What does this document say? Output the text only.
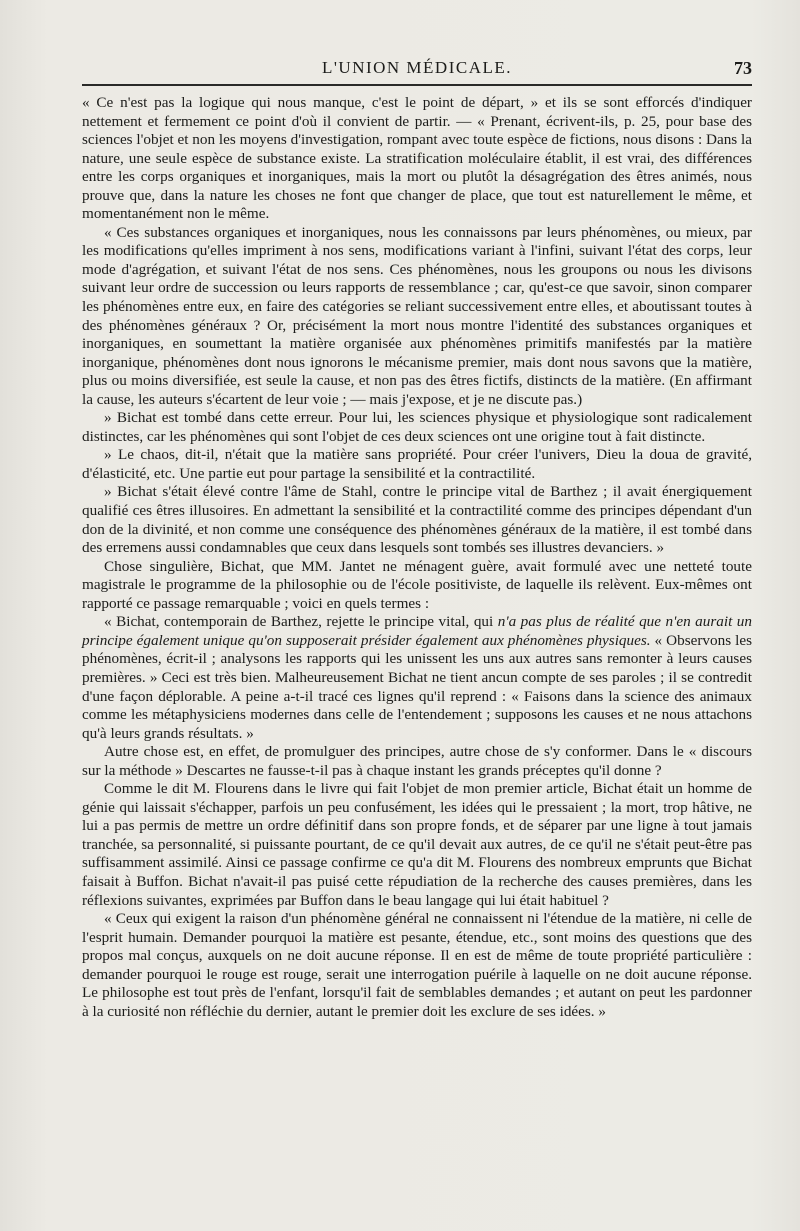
L'UNION MÉDICALE.	73

« Ce n'est pas la logique qui nous manque, c'est le point de départ, » et ils se sont efforcés d'indiquer nettement et fermement ce point d'où il convient de partir. — « Prenant, écrivent-ils, p. 25, pour base des sciences l'objet et non les moyens d'investigation, rompant avec toute espèce de fictions, nous disons : Dans la nature, une seule espèce de substance existe. La stratification moléculaire établit, il est vrai, des différences entre les corps organiques et inorganiques, mais la mort ou plutôt la désagrégation des êtres animés, nous prouve que, dans la nature les choses ne font que changer de place, que tout est naturellement le même, et momentanément non le même.

« Ces substances organiques et inorganiques, nous les connaissons par leurs phénomènes, ou mieux, par les modifications qu'elles impriment à nos sens, modifications variant à l'infini, suivant l'état des corps, leur mode d'agrégation, et suivant l'état de nos sens. Ces phénomènes, nous les groupons ou nous les divisons suivant leur ordre de succession ou leurs rapports de ressemblance ; car, qu'est-ce que savoir, sinon comparer les phénomènes entre eux, en faire des catégories se reliant successivement entre elles, et aboutissant toutes à des phénomènes généraux ? Or, précisément la mort nous montre l'identité des substances organiques et inorganiques, en soumettant la matière organisée aux phénomènes primitifs manifestés par la matière inorganique, phénomènes dont nous ignorons le mécanisme premier, mais dont nous savons que la matière, plus ou moins diversifiée, est seule la cause, et non pas des êtres fictifs, distincts de la matière. (En affirmant la cause, les auteurs s'écartent de leur voie ; — mais j'expose, et je ne discute pas.)

» Bichat est tombé dans cette erreur. Pour lui, les sciences physique et physiologique sont radicalement distinctes, car les phénomènes qui sont l'objet de ces deux sciences ont une origine tout à fait distincte.

» Le chaos, dit-il, n'était que la matière sans propriété. Pour créer l'univers, Dieu la doua de gravité, d'élasticité, etc. Une partie eut pour partage la sensibilité et la contractilité.

» Bichat s'était élevé contre l'âme de Stahl, contre le principe vital de Barthez ; il avait énergiquement qualifié ces êtres illusoires. En admettant la sensibilité et la contractilité comme des principes dépendant d'un don de la divinité, et non comme une conséquence des phénomènes généraux de la matière, il est tombé dans des erremens aussi condamnables que ceux dans lesquels sont tombés ses illustres devanciers. »

Chose singulière, Bichat, que MM. Jantet ne ménagent guère, avait formulé avec une netteté toute magistrale le programme de la philosophie ou de l'école positiviste, de laquelle ils relèvent. Eux-mêmes ont rapporté ce passage remarquable ; voici en quels termes :

« Bichat, contemporain de Barthez, rejette le principe vital, qui n'a pas plus de réalité que n'en aurait un principe également unique qu'on supposerait présider également aux phénomènes physiques. « Observons les phénomènes, écrit-il ; analysons les rapports qui les unissent les uns aux autres sans remonter à leurs causes premières. » Ceci est très bien. Malheureusement Bichat ne tient ancun compte de ses paroles ; il se contredit d'une façon déplorable. A peine a-t-il tracé ces lignes qu'il reprend : « Faisons dans la science des animaux comme les métaphysiciens modernes dans celle de l'entendement ; supposons les causes et ne nous attachons qu'à leurs grands résultats. »

Autre chose est, en effet, de promulguer des principes, autre chose de s'y conformer. Dans le « discours sur la méthode » Descartes ne fausse-t-il pas à chaque instant les grands préceptes qu'il donne ?

Comme le dit M. Flourens dans le livre qui fait l'objet de mon premier article, Bichat était un homme de génie qui laissait s'échapper, parfois un peu confusément, les idées qui le pressaient ; la mort, trop hâtive, ne lui a pas permis de mettre un ordre définitif dans son propre fonds, et de séparer par une ligne à tout jamais tranchée, sa personnalité, si puissante pourtant, de ce qu'il devait aux autres, de ce qu'il ne s'était peut-être pas suffisamment assimilé. Ainsi ce passage confirme ce qu'a dit M. Flourens des nombreux emprunts que Bichat faisait à Buffon. Bichat n'avait-il pas puisé cette répudiation de la recherche des causes premières, dans les réflexions suivantes, exprimées par Buffon dans le beau langage qui lui était habituel ?

« Ceux qui exigent la raison d'un phénomène général ne connaissent ni l'étendue de la matière, ni celle de l'esprit humain. Demander pourquoi la matière est pesante, étendue, etc., sont moins des questions que des propos mal conçus, auxquels on ne doit aucune réponse. Il en est de même de toute propriété particulière : demander pourquoi le rouge est rouge, serait une interrogation puérile à laquelle on ne doit aucune réponse. Le philosophe est tout près de l'enfant, lorsqu'il fait de semblables demandes ; et autant on peut les pardonner à la curiosité non réfléchie du dernier, autant le premier doit les exclure de ses idées. »
